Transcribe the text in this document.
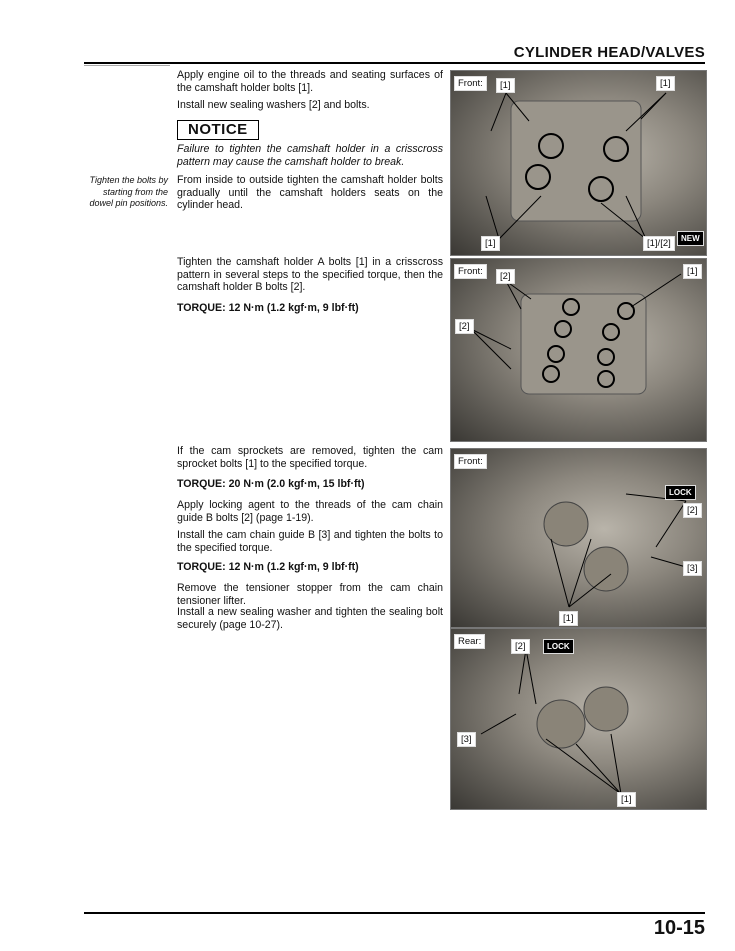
CYLINDER HEAD/VALVES
Apply engine oil to the threads and seating surfaces of the camshaft holder bolts [1].
Install new sealing washers [2] and bolts.
NOTICE
Failure to tighten the camshaft holder in a crisscross pattern may cause the camshaft holder to break.
Tighten the bolts by starting from the dowel pin positions.
From inside to outside tighten the camshaft holder bolts gradually until the camshaft holders seats on the cylinder head.
Tighten the camshaft holder A bolts [1] in a crisscross pattern in several steps to the specified torque, then the camshaft holder B bolts [2].
TORQUE: 12 N·m (1.2 kgf·m, 9 lbf·ft)
If the cam sprockets are removed, tighten the cam sprocket bolts [1] to the specified torque.
TORQUE: 20 N·m (2.0 kgf·m, 15 lbf·ft)
Apply locking agent to the threads of the cam chain guide B bolts [2] (page 1-19).
Install the cam chain guide B [3] and tighten the bolts to the specified torque.
TORQUE: 12 N·m (1.2 kgf·m, 9 lbf·ft)
Remove the tensioner stopper from the cam chain tensioner lifter.
Install a new sealing washer and tighten the sealing bolt securely (page 10-27).
Front:	[1]	[1]
[1]	[1]/[2]	NEW
Front:	[2]	[1]
[2]
Front:
LOCK
[2]
[3]
[1]
Rear:	[2]	LOCK
[3]
[1]
10-15
